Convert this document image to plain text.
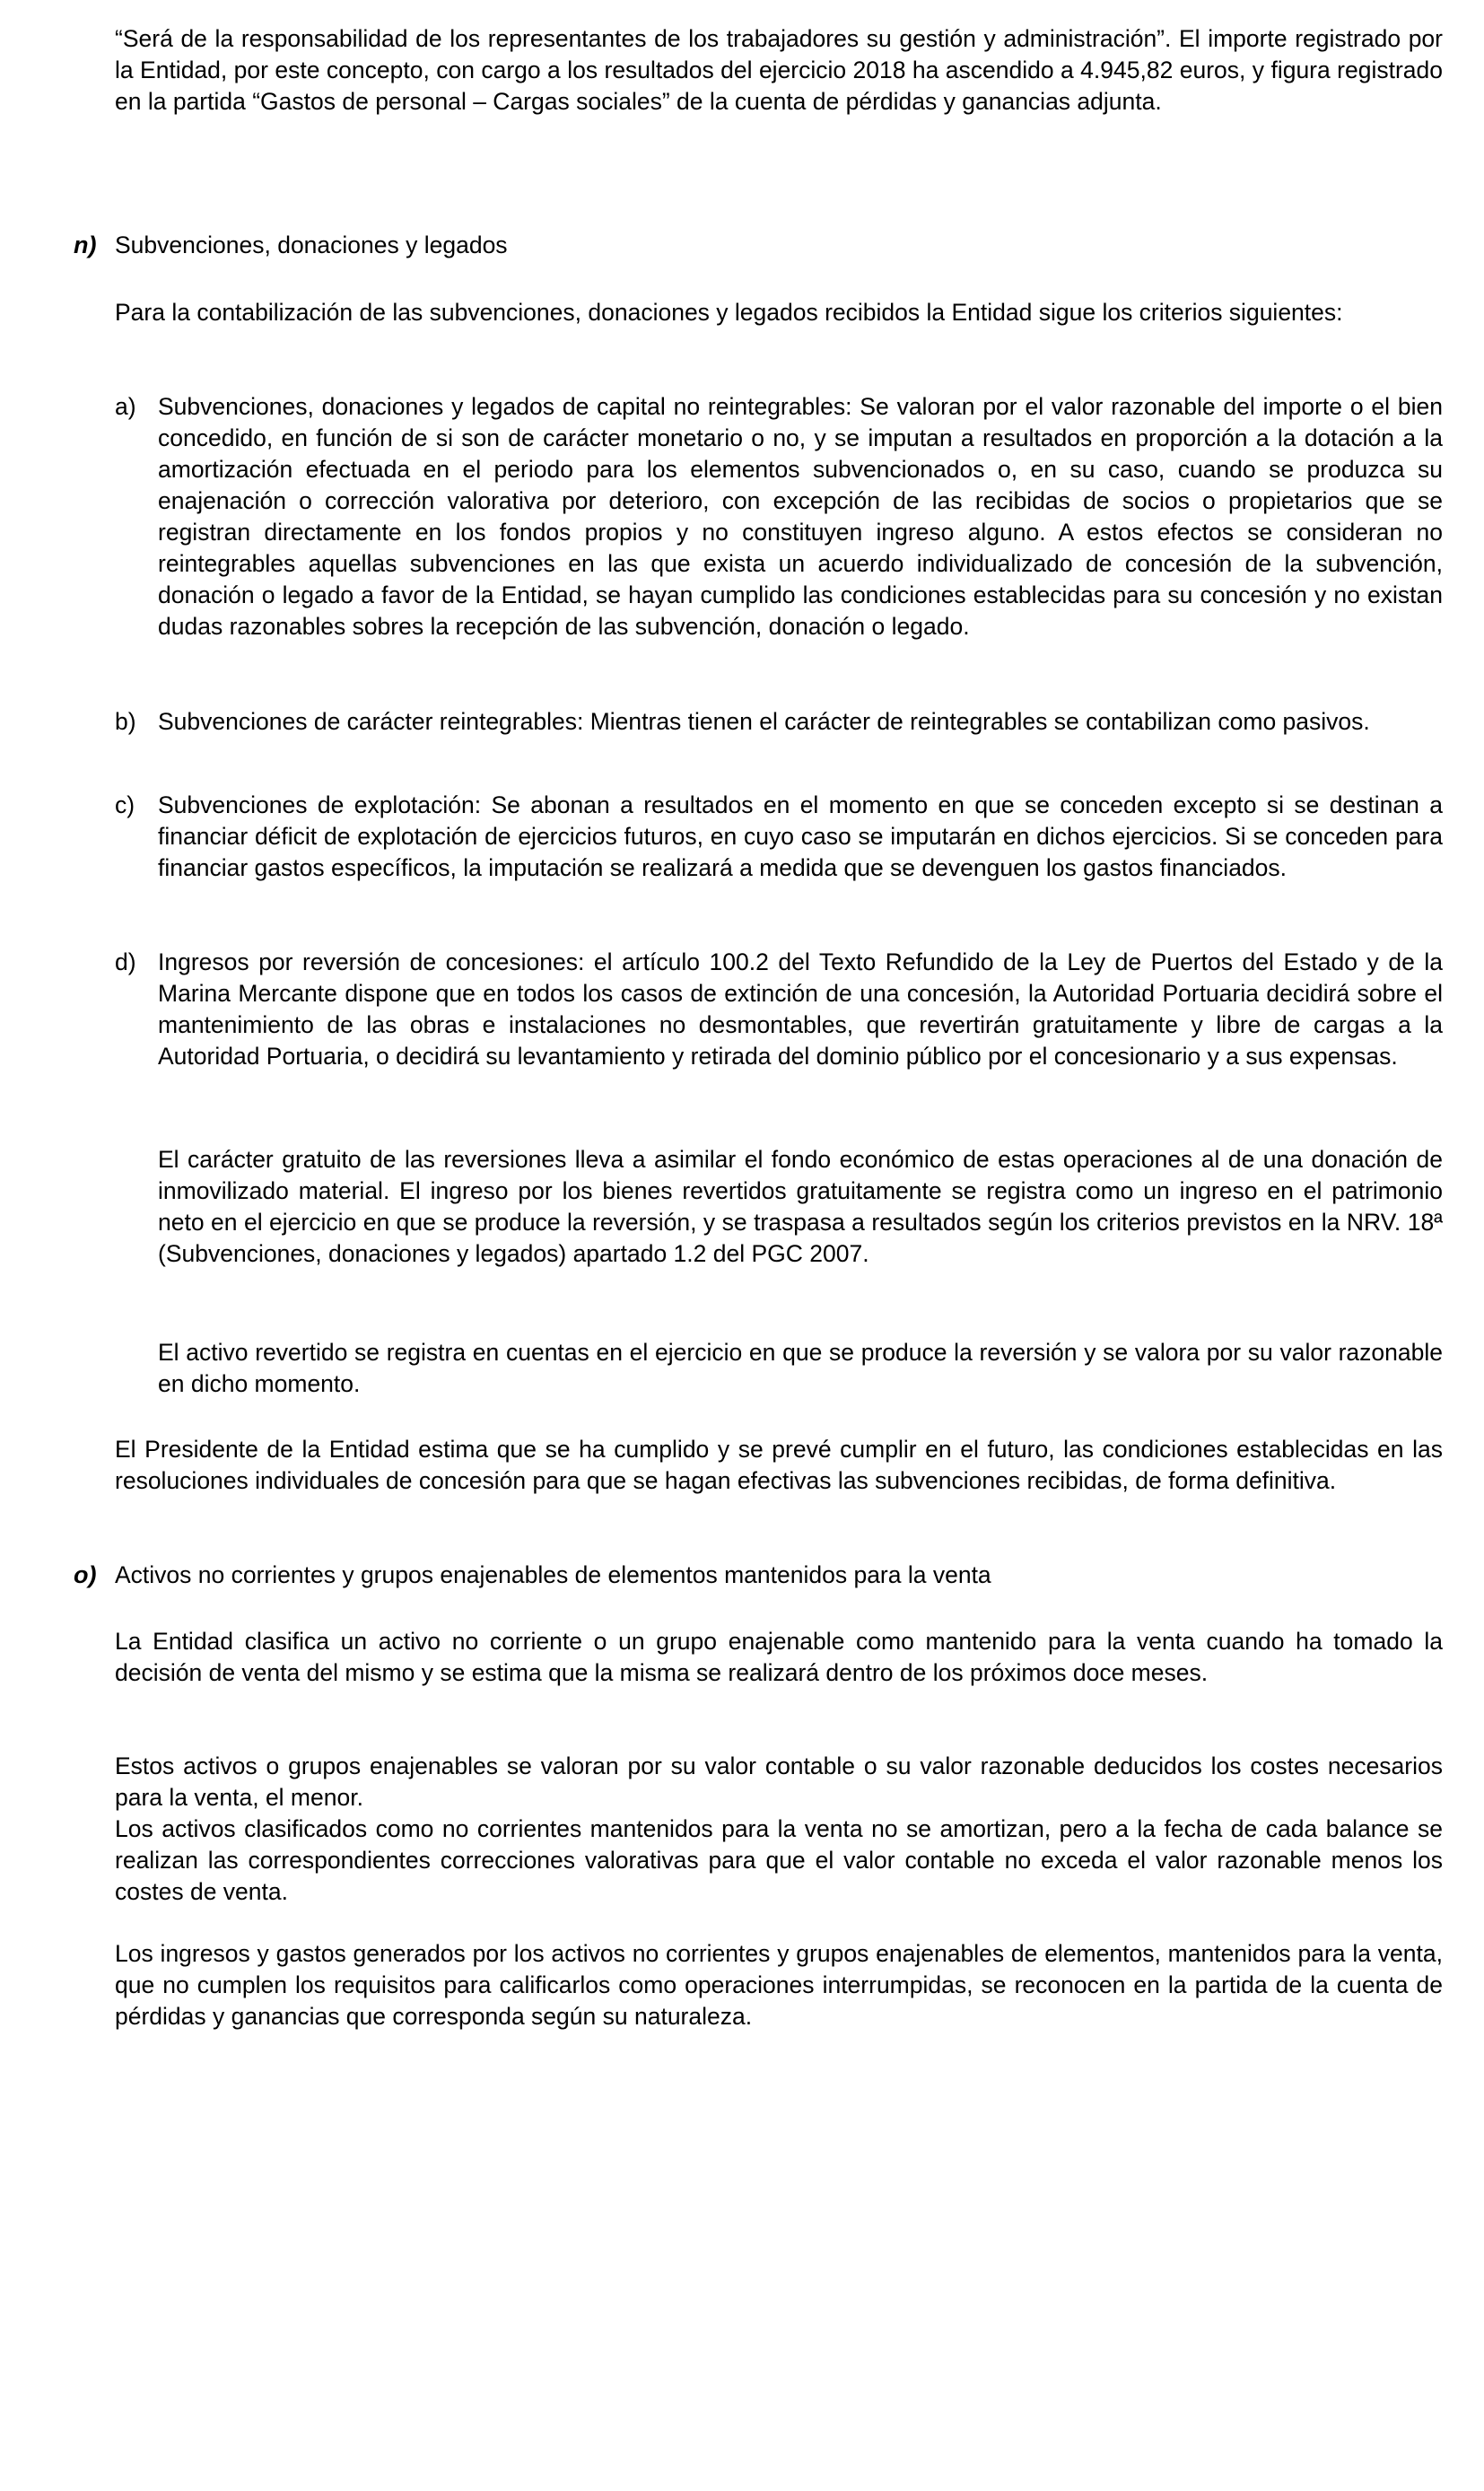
“Será de la responsabilidad de los representantes de los trabajadores su gestión y administración”. El importe registrado por la Entidad, por este concepto, con cargo a los resultados del ejercicio 2018 ha ascendido a 4.945,82 euros, y figura registrado en la partida “Gastos de personal – Cargas sociales” de la cuenta de pérdidas y ganancias adjunta.

n) Subvenciones, donaciones y legados

Para la contabilización de las subvenciones, donaciones y legados recibidos la Entidad sigue los criterios siguientes:

a) Subvenciones, donaciones y legados de capital no reintegrables: Se valoran por el valor razonable del importe o el bien concedido, en función de si son de carácter monetario o no, y se imputan a resultados en proporción a la dotación a la amortización efectuada en el periodo para los elementos subvencionados o, en su caso, cuando se produzca su enajenación o corrección valorativa por deterioro, con excepción de las recibidas de socios o propietarios que se registran directamente en los fondos propios y no constituyen ingreso alguno. A estos efectos se consideran no reintegrables aquellas subvenciones en las que exista un acuerdo individualizado de concesión de la subvención, donación o legado a favor de la Entidad, se hayan cumplido las condiciones establecidas para su concesión y no existan dudas razonables sobres la recepción de las subvención, donación o legado.

b) Subvenciones de carácter reintegrables: Mientras tienen el carácter de reintegrables se contabilizan como pasivos.

c) Subvenciones de explotación: Se abonan a resultados en el momento en que se conceden excepto si se destinan a financiar déficit de explotación de ejercicios futuros, en cuyo caso se imputarán en dichos ejercicios. Si se conceden para financiar gastos específicos, la imputación se realizará a medida que se devenguen los gastos financiados.

d) Ingresos por reversión de concesiones: el artículo 100.2 del Texto Refundido de la Ley de Puertos del Estado y de la Marina Mercante dispone que en todos los casos de extinción de una concesión, la Autoridad Portuaria decidirá sobre el mantenimiento de las obras e instalaciones no desmontables, que revertirán gratuitamente y libre de cargas a la Autoridad Portuaria, o decidirá su levantamiento y retirada del dominio público por el concesionario y a sus expensas.

El carácter gratuito de las reversiones lleva a asimilar el fondo económico de estas operaciones al de una donación de inmovilizado material. El ingreso por los bienes revertidos gratuitamente se registra como un ingreso en el patrimonio neto en el ejercicio en que se produce la reversión, y se traspasa a resultados según los criterios previstos en la NRV. 18ª (Subvenciones, donaciones y legados) apartado 1.2 del PGC 2007.

El activo revertido se registra en cuentas en el ejercicio en que se produce la reversión y se valora por su valor razonable en dicho momento.

El Presidente de la Entidad estima que se ha cumplido y se prevé cumplir en el futuro, las condiciones establecidas en las resoluciones individuales de concesión para que se hagan efectivas las subvenciones recibidas, de forma definitiva.

o) Activos no corrientes y grupos enajenables de elementos mantenidos para la venta

La Entidad clasifica un activo no corriente o un grupo enajenable como mantenido para la venta cuando ha tomado la decisión de venta del mismo y se estima que la misma se realizará dentro de los próximos doce meses.

Estos activos o grupos enajenables se valoran por su valor contable o su valor razonable deducidos los costes necesarios para la venta, el menor.

Los activos clasificados como no corrientes mantenidos para la venta no se amortizan, pero a la fecha de cada balance se realizan las correspondientes correcciones valorativas para que el valor contable no exceda el valor razonable menos los costes de venta.

Los ingresos y gastos generados por los activos no corrientes y grupos enajenables de elementos, mantenidos para la venta, que no cumplen los requisitos para calificarlos como operaciones interrumpidas, se reconocen en la partida de la cuenta de pérdidas y ganancias que corresponda según su naturaleza.
